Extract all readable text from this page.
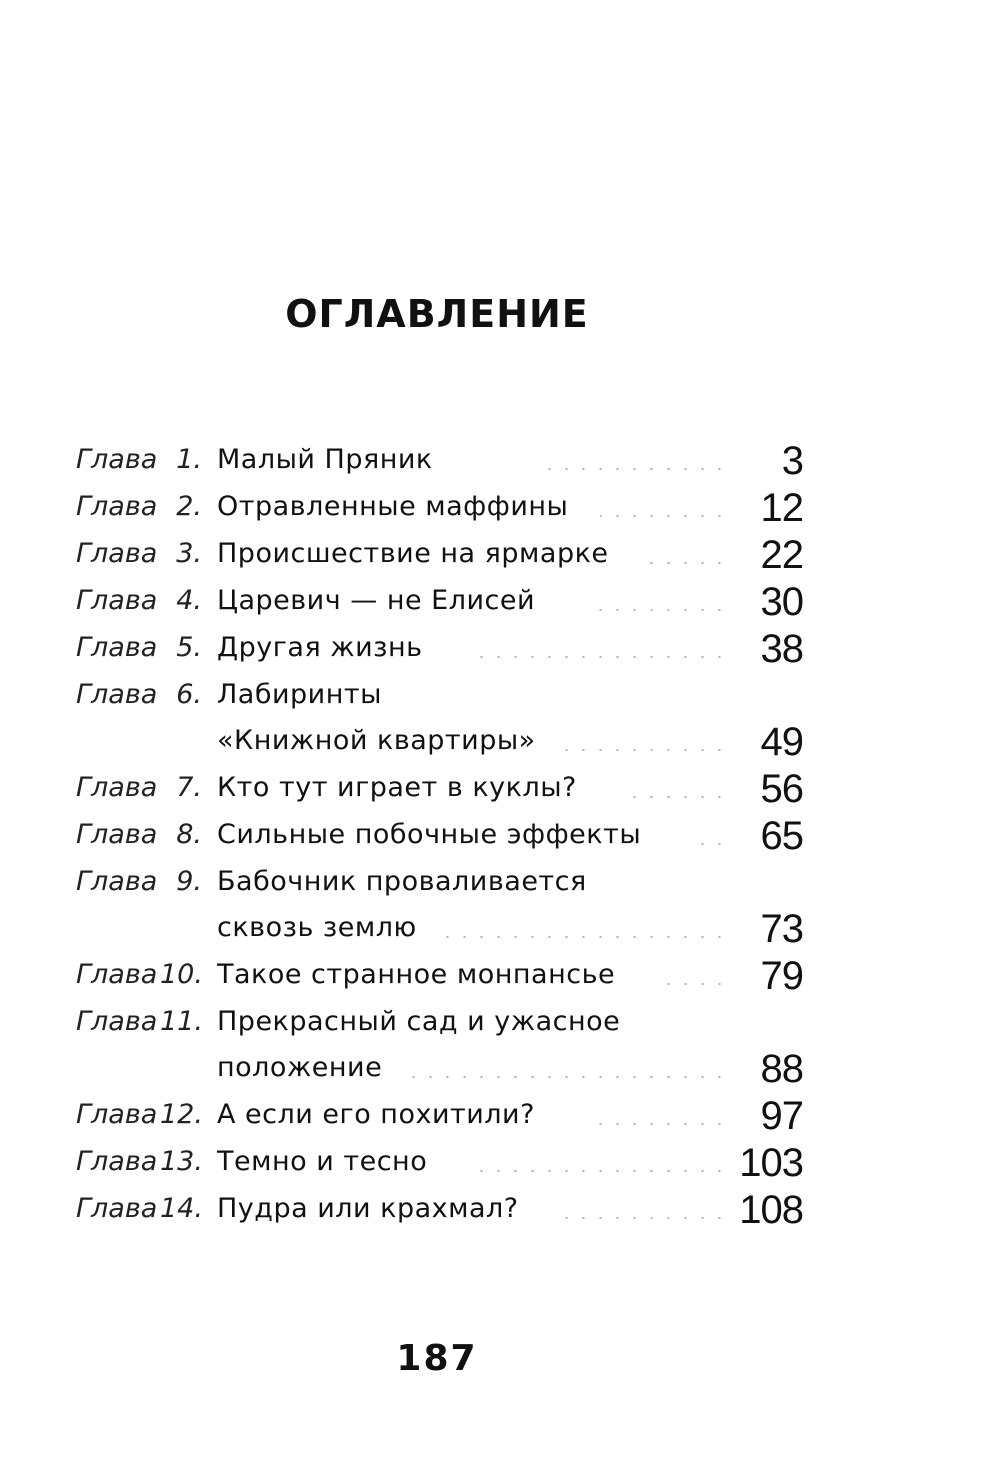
ОГЛАВЛЕНИЕ
Глава 1. Малый Пряник	3
Глава 2. Отравленные маффины	12
Глава 3. Происшествие на ярмарке	22
Глава 4. Царевич — не Елисей	30
Глава 5. Другая жизнь	38
Глава 6. Лабиринты
«Книжной квартиры»	49
Глава 7. Кто тут играет в куклы?	56
Глава 8. Сильные побочные эффекты	65
Глава 9. Бабочник проваливается
сквозь землю	73
Глава 10. Такое странное монпансье	79
Глава 11. Прекрасный сад и ужасное
положение	88
Глава 12. А если его похитили?	97
Глава 13. Темно и тесно	103
Глава 14. Пудра или крахмал?	108
187
